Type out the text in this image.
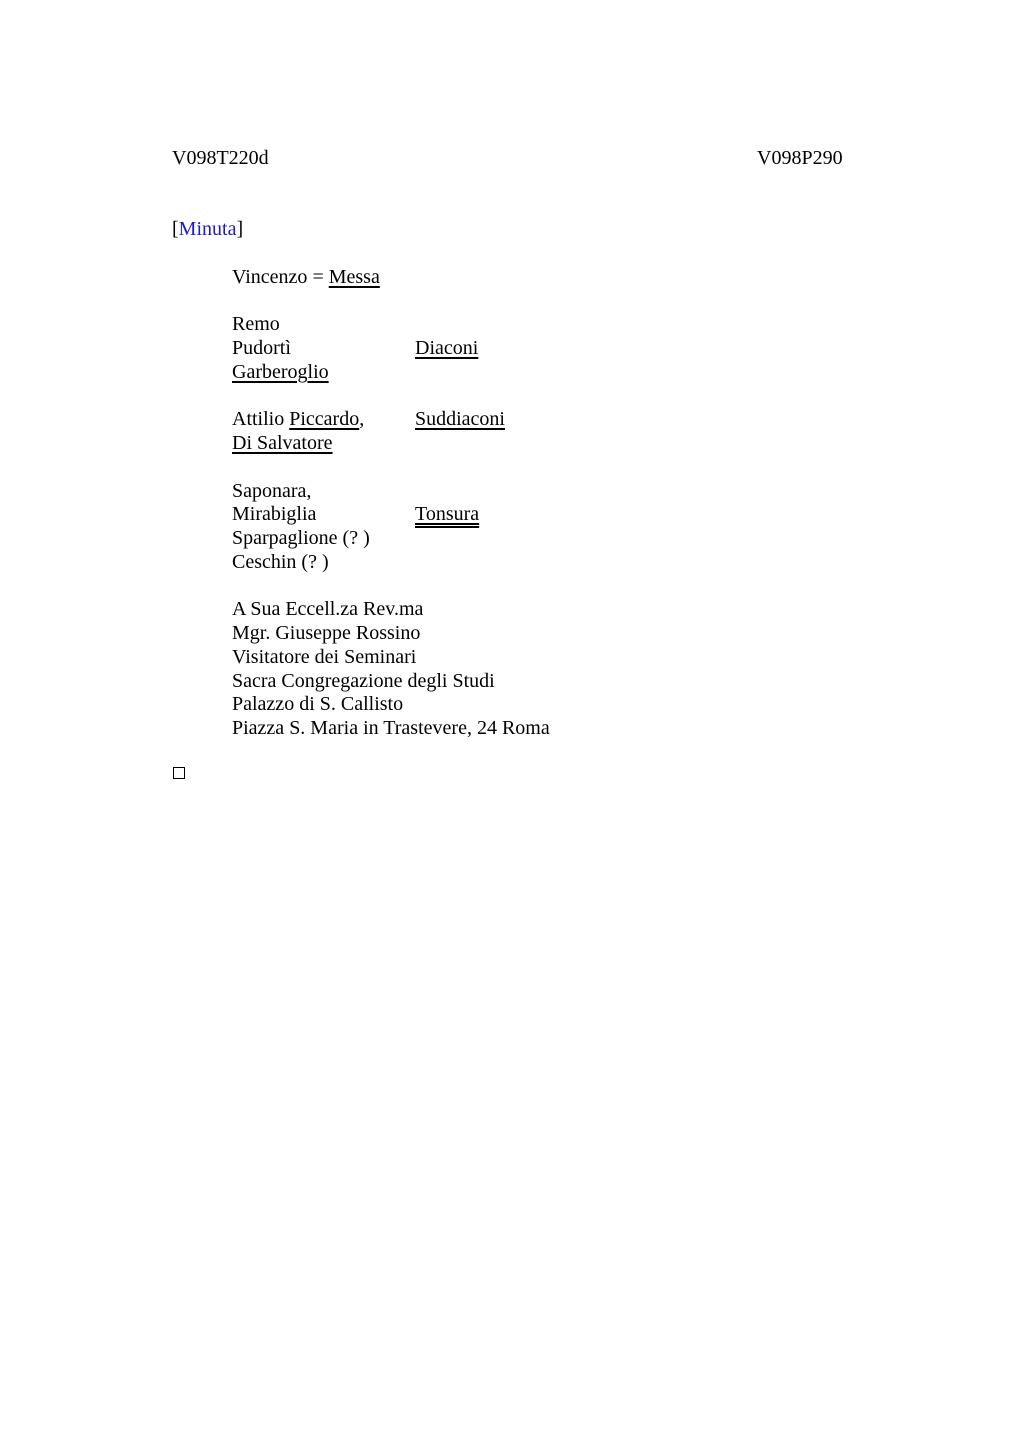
V098T220d	V098P290
[Minuta]
Vincenzo = Messa
Remo
Pudortì
Garberoglio
Diaconi
Attilio Piccardo,
Di Salvatore
Suddiaconi
Saponara,
Mirabiglia
Sparpaglione (? )
Ceschin (? )
Tonsura
A Sua Eccell.za Rev.ma
Mgr. Giuseppe Rossino
Visitatore dei Seminari
Sacra Congregazione degli Studi
Palazzo di S. Callisto
Piazza S. Maria in Trastevere, 24 Roma
